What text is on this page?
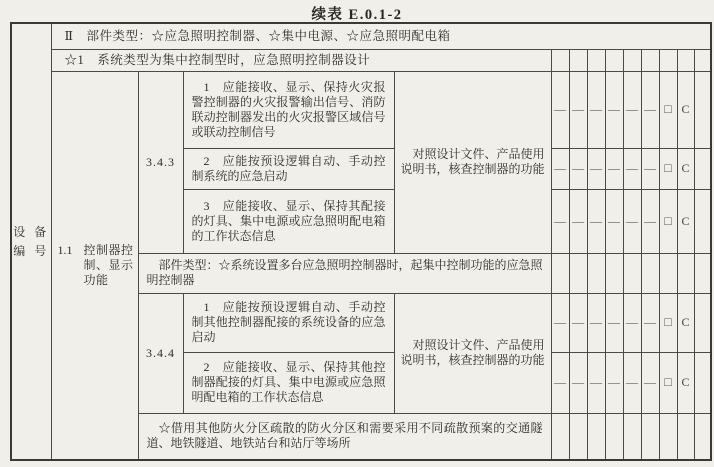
续表 E.0.1-2
设 备
编 号	Ⅱ　部件类型：☆应急照明控制器、☆集中电源、☆应急照明配电箱												
	☆1　系统类型为集中控制型时，应急照明控制器设计												

	1.1 控制器控制、显示功能	3.4.3	1　应能接收、显示、保持火灾报警控制器的火灾报警输出信号、消防联动控制器发出的火灾报警区域信号或联动控制信号	对照设计文件、产品使用说明书，核查控制器的功能	—	—	—	—	—	—	□	C	

			2　应能按预设逻辑自动、手动控制系统的应急启动		—	—	—	—	—	—	□	C	

			3　应能接收、显示、保持其配接的灯具、集中电源或应急照明配电箱的工作状态信息		—	—	—	—	—	—	□	C	

		部件类型：☆系统设置多台应急照明控制器时，起集中控制功能的应急照明控制器											

		3.4.4	1　应能按预设逻辑自动、手动控制其他控制器配接的系统设备的应急启动	对照设计文件、产品使用说明书，核查控制器的功能	—	—	—	—	—	—	□	C	

			2　应能接收、显示、保持其他控制器配接的灯具、集中电源或应急照明配电箱的工作状态信息		—	—	—	—	—	—	□	C	

		☆借用其他防火分区疏散的防火分区和需要采用不同疏散预案的交通隧道、地铁隧道、地铁站台和站厅等场所											
